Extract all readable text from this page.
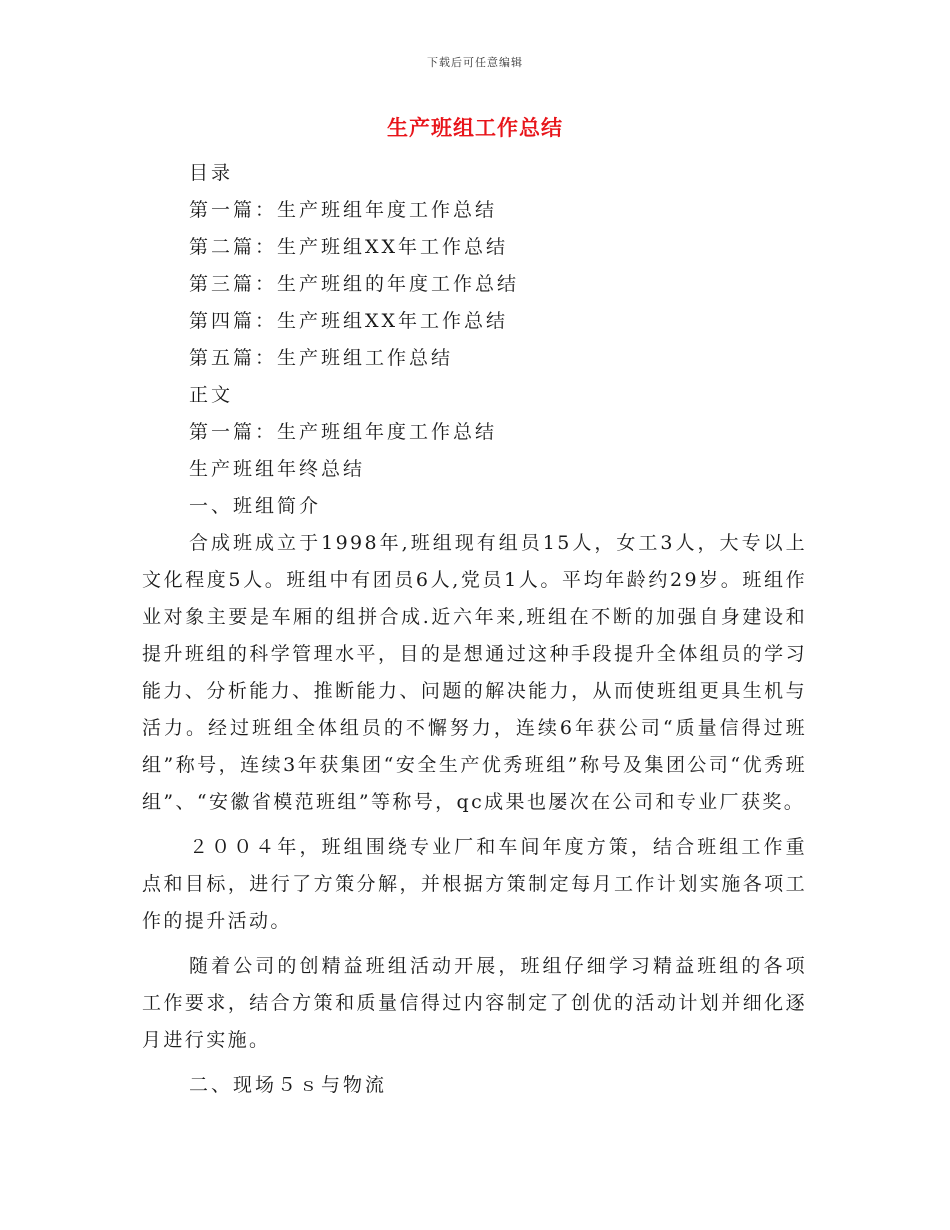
下载后可任意编辑
生产班组工作总结

目录

第一篇：生产班组年度工作总结

第二篇：生产班组XX年工作总结

第三篇：生产班组的年度工作总结

第四篇：生产班组XX年工作总结

第五篇：生产班组工作总结

正文

第一篇：生产班组年度工作总结

生产班组年终总结

一、班组简介

合成班成立于1998年,班组现有组员15人，女工3人，大专以上文化程度5人。班组中有团员6人,党员1人。平均年龄约29岁。班组作业对象主要是车厢的组拼合成.近六年来,班组在不断的加强自身建设和提升班组的科学管理水平，目的是想通过这种手段提升全体组员的学习能力、分析能力、推断能力、问题的解决能力，从而使班组更具生机与活力。经过班组全体组员的不懈努力，连续6年获公司“质量信得过班组”称号，连续3年获集团“安全生产优秀班组”称号及集团公司“优秀班组”、“安徽省模范班组”等称号，qc成果也屡次在公司和专业厂获奖。

２００４年，班组围绕专业厂和车间年度方策，结合班组工作重点和目标，进行了方策分解，并根据方策制定每月工作计划实施各项工作的提升活动。

随着公司的创精益班组活动开展，班组仔细学习精益班组的各项工作要求，结合方策和质量信得过内容制定了创优的活动计划并细化逐月进行实施。

二、现场５ｓ与物流
